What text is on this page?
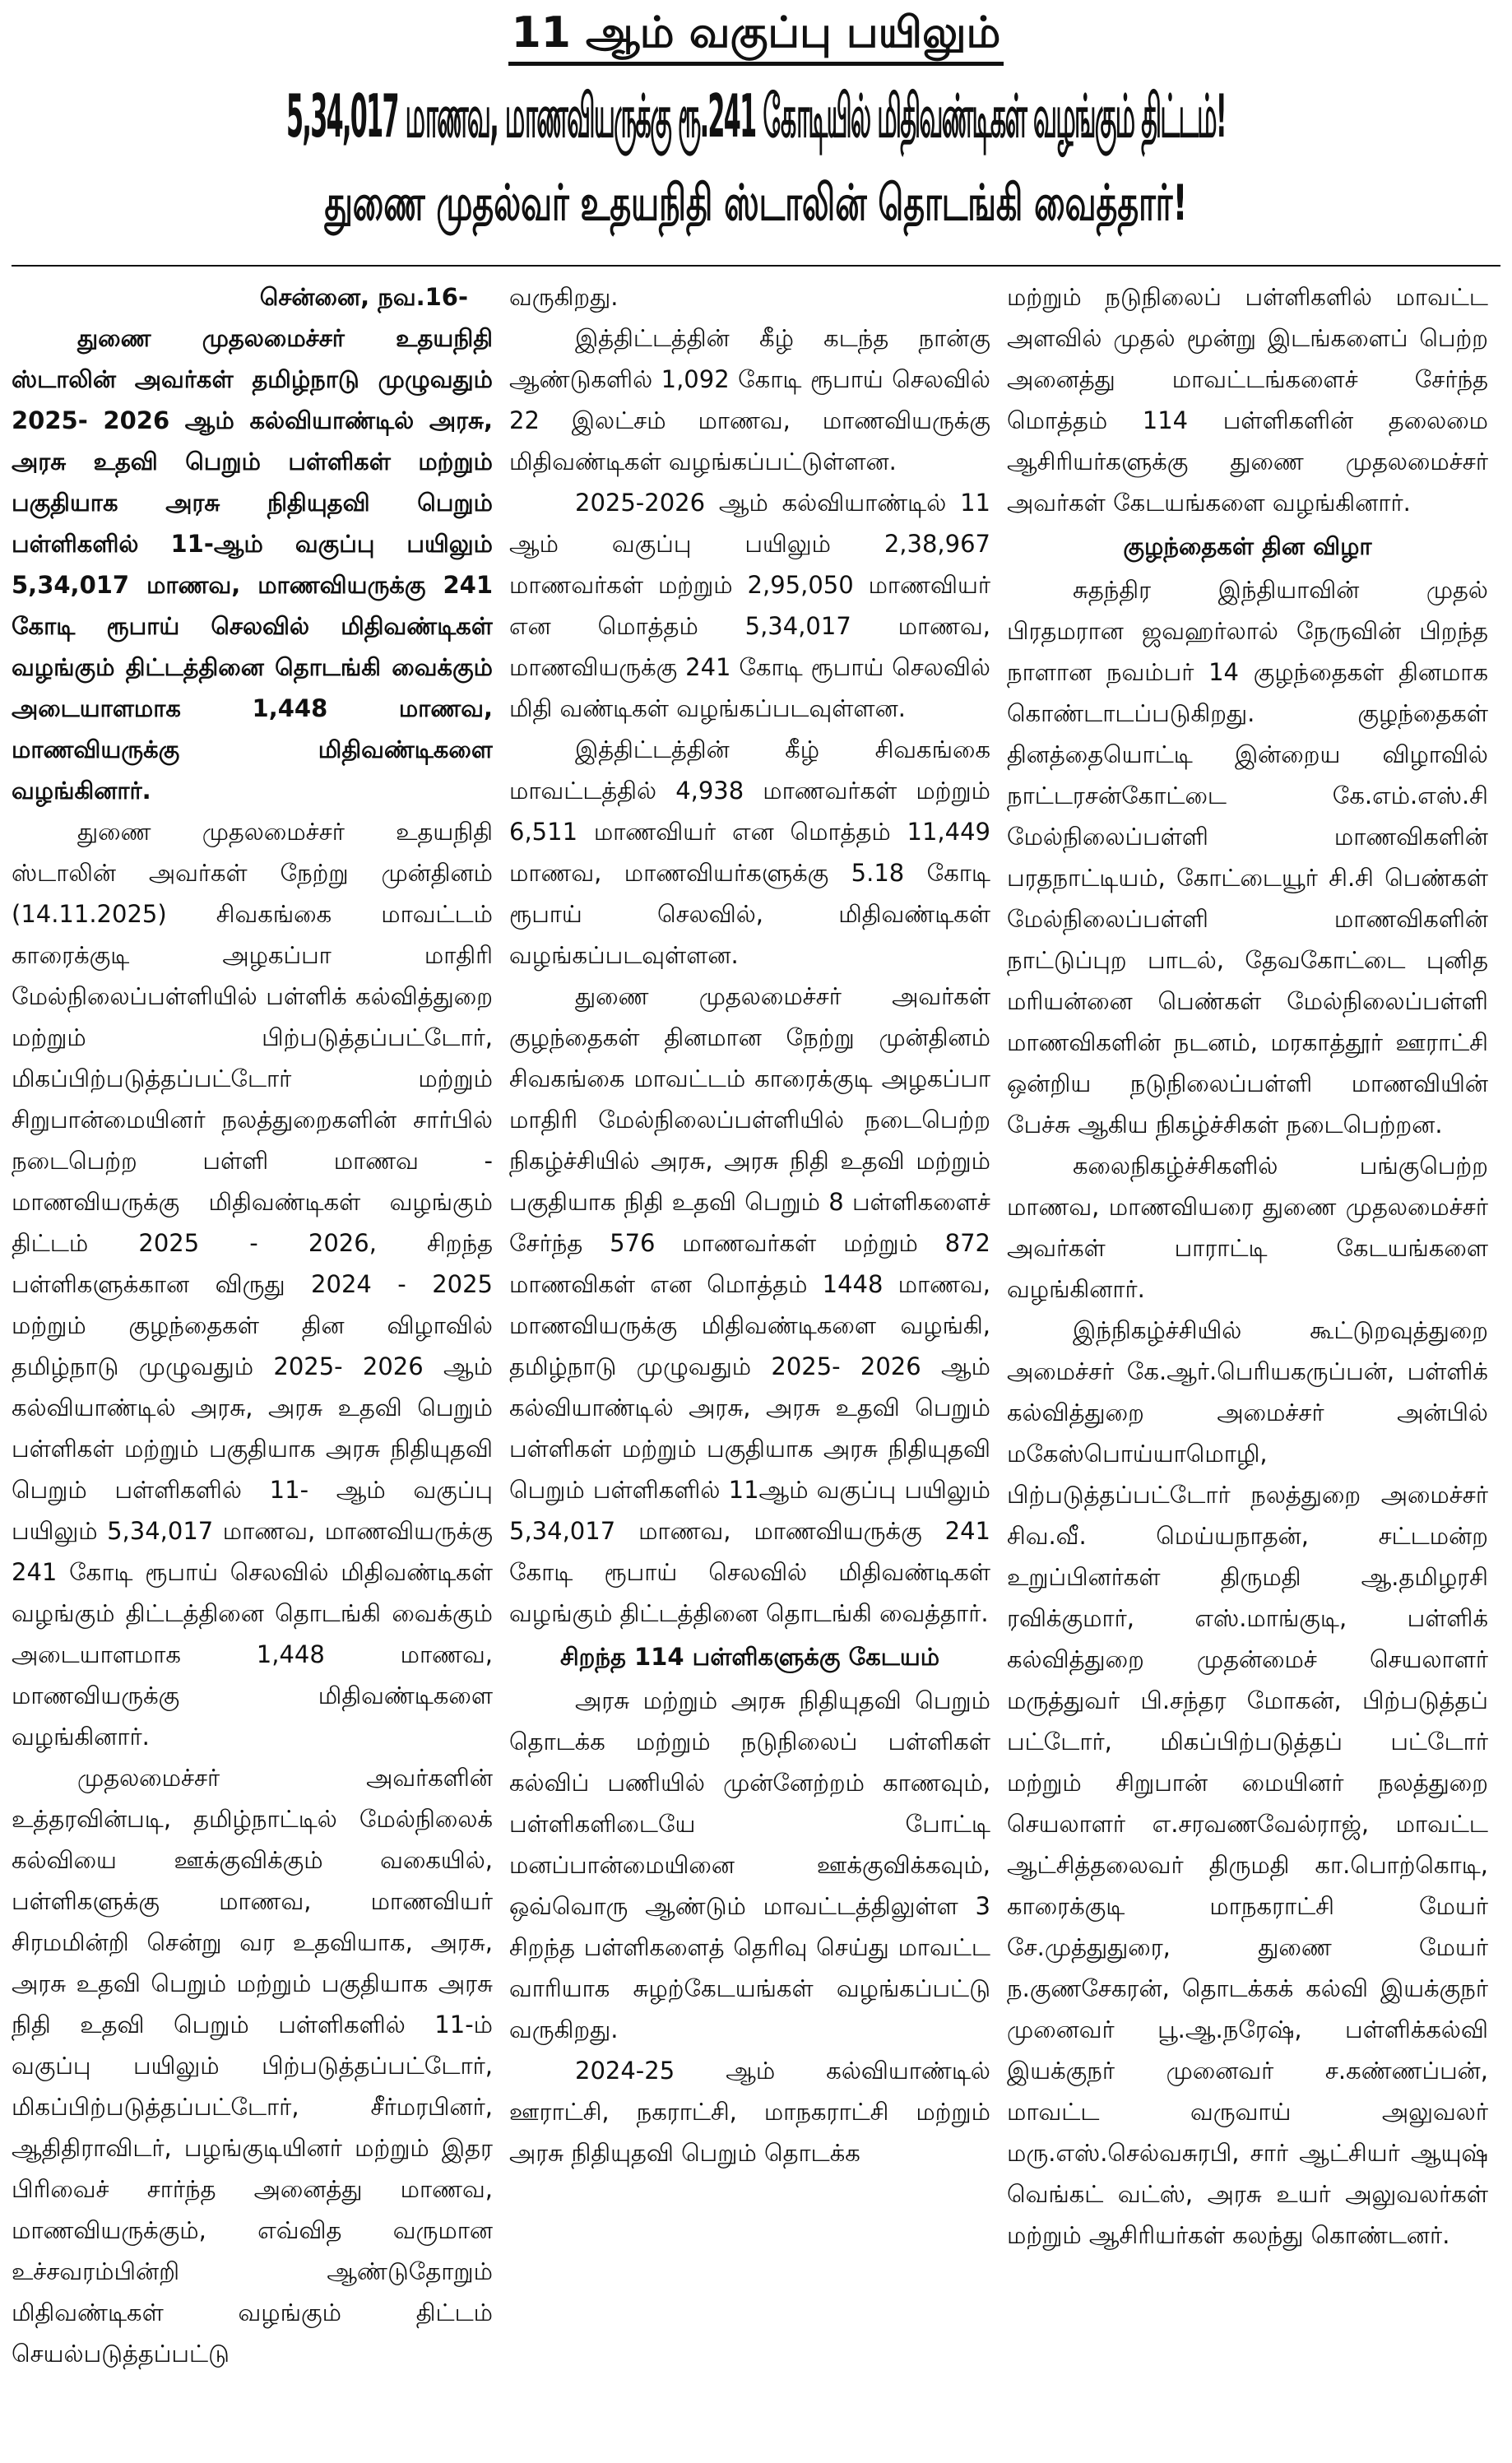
11 ஆம் வகுப்பு பயிலும்
5,34,017 மாணவ, மாணவியருக்கு ரூ.241 கோடியில் மிதிவண்டிகள் வழங்கும் திட்டம்!
துணை முதல்வர் உதயநிதி ஸ்டாலின் தொடங்கி வைத்தார்!
சென்னை, நவ.16-

துணை முதலமைச்சர் உதயநிதி ஸ்டாலின் அவர்கள் தமிழ்நாடு முழுவதும் 2025- 2026 ஆம் கல்வியாண்டில் அரசு, அரசு உதவி பெறும் பள்ளிகள் மற்றும் பகுதியாக அரசு நிதியுதவி பெறும் பள்ளிகளில் 11-ஆம் வகுப்பு பயிலும் 5,34,017 மாணவ, மாணவியருக்கு 241 கோடி ரூபாய் செலவில் மிதிவண்டிகள் வழங்கும் திட்டத்தினை தொடங்கி வைக்கும் அடையாளமாக 1,448 மாணவ, மாணவியருக்கு மிதிவண்டிகளை வழங்கினார்.

துணை முதலமைச்சர் உதயநிதி ஸ்டாலின் அவர்கள் நேற்று முன்தினம் (14.11.2025) சிவகங்கை மாவட்டம் காரைக்குடி அழகப்பா மாதிரி மேல்நிலைப்பள்ளியில் பள்ளிக் கல்வித்துறை மற்றும் பிற்படுத்தப்பட்டோர், மிகப்பிற்படுத்தப்பட்டோர் மற்றும் சிறுபான்மையினர் நலத்துறைகளின் சார்பில் நடைபெற்ற பள்ளி மாணவ - மாணவியருக்கு மிதிவண்டிகள் வழங்கும் திட்டம் 2025 - 2026, சிறந்த பள்ளிகளுக்கான விருது 2024 - 2025 மற்றும் குழந்தைகள் தின விழாவில் தமிழ்நாடு முழுவதும் 2025- 2026 ஆம் கல்வியாண்டில் அரசு, அரசு உதவி பெறும் பள்ளிகள் மற்றும் பகுதியாக அரசு நிதியுதவி பெறும் பள்ளிகளில் 11- ஆம் வகுப்பு பயிலும் 5,34,017 மாணவ, மாணவியருக்கு 241 கோடி ரூபாய் செலவில் மிதிவண்டிகள் வழங்கும் திட்டத்தினை தொடங்கி வைக்கும் அடையாளமாக 1,448 மாணவ, மாணவியருக்கு மிதிவண்டிகளை வழங்கினார்.

முதலமைச்சர் அவர்களின் உத்தரவின்படி, தமிழ்நாட்டில் மேல்நிலைக் கல்வியை ஊக்குவிக்கும் வகையில், பள்ளிகளுக்கு மாணவ, மாணவியர் சிரமமின்றி சென்று வர உதவியாக, அரசு, அரசு உதவி பெறும் மற்றும் பகுதியாக அரசு நிதி உதவி பெறும் பள்ளிகளில் 11-ம் வகுப்பு பயிலும் பிற்படுத்தப்பட்டோர், மிகப்பிற்படுத்தப்பட்டோர், சீர்மரபினர், ஆதிதிராவிடர், பழங்குடியினர் மற்றும் இதர பிரிவைச் சார்ந்த அனைத்து மாணவ, மாணவியருக்கும், எவ்வித வருமான உச்சவரம்பின்றி ஆண்டுதோறும் மிதிவண்டிகள் வழங்கும் திட்டம் செயல்படுத்தப்பட்டு

வருகிறது.

இத்திட்டத்தின் கீழ் கடந்த நான்கு ஆண்டுகளில் 1,092 கோடி ரூபாய் செலவில் 22 இலட்சம் மாணவ, மாணவியருக்கு மிதிவண்டிகள் வழங்கப்பட்டுள்ளன.

2025-2026 ஆம் கல்வியாண்டில் 11 ஆம் வகுப்பு பயிலும் 2,38,967 மாணவர்கள் மற்றும் 2,95,050 மாணவியர் என மொத்தம் 5,34,017 மாணவ, மாணவியருக்கு 241 கோடி ரூபாய் செலவில் மிதி வண்டிகள் வழங்கப்படவுள்ளன.

இத்திட்டத்தின் கீழ் சிவகங்கை மாவட்டத்தில் 4,938 மாணவர்கள் மற்றும் 6,511 மாணவியர் என மொத்தம் 11,449 மாணவ, மாணவியர்களுக்கு 5.18 கோடி ரூபாய் செலவில், மிதிவண்டிகள் வழங்கப்படவுள்ளன.

துணை முதலமைச்சர் அவர்கள் குழந்தைகள் தினமான நேற்று முன்தினம் சிவகங்கை மாவட்டம் காரைக்குடி அழகப்பா மாதிரி மேல்நிலைப்பள்ளியில் நடைபெற்ற நிகழ்ச்சியில் அரசு, அரசு நிதி உதவி மற்றும் பகுதியாக நிதி உதவி பெறும் 8 பள்ளிகளைச் சேர்ந்த 576 மாணவர்கள் மற்றும் 872 மாணவிகள் என மொத்தம் 1448 மாணவ, மாணவியருக்கு மிதிவண்டிகளை வழங்கி, தமிழ்நாடு முழுவதும் 2025- 2026 ஆம் கல்வியாண்டில் அரசு, அரசு உதவி பெறும் பள்ளிகள் மற்றும் பகுதியாக அரசு நிதியுதவி பெறும் பள்ளிகளில் 11ஆம் வகுப்பு பயிலும் 5,34,017 மாணவ, மாணவியருக்கு 241 கோடி ரூபாய் செலவில் மிதிவண்டிகள் வழங்கும் திட்டத்தினை தொடங்கி வைத்தார்.

சிறந்த 114 பள்ளிகளுக்கு கேடயம்

அரசு மற்றும் அரசு நிதியுதவி பெறும் தொடக்க மற்றும் நடுநிலைப் பள்ளிகள் கல்விப் பணியில் முன்னேற்றம் காணவும், பள்ளிகளிடையே போட்டி மனப்பான்மையினை ஊக்குவிக்கவும், ஒவ்வொரு ஆண்டும் மாவட்டத்திலுள்ள 3 சிறந்த பள்ளிகளைத் தெரிவு செய்து மாவட்ட வாரியாக சுழற்கேடயங்கள் வழங்கப்பட்டு வருகிறது.

2024-25 ஆம் கல்வியாண்டில் ஊராட்சி, நகராட்சி, மாநகராட்சி மற்றும் அரசு நிதியுதவி பெறும் தொடக்க

மற்றும் நடுநிலைப் பள்ளிகளில் மாவட்ட அளவில் முதல் மூன்று இடங்களைப் பெற்ற அனைத்து மாவட்டங்களைச் சேர்ந்த மொத்தம் 114 பள்ளிகளின் தலைமை ஆசிரியர்களுக்கு துணை முதலமைச்சர் அவர்கள் கேடயங்களை வழங்கினார்.

குழந்தைகள் தின விழா

சுதந்திர இந்தியாவின் முதல் பிரதமரான ஜவஹர்லால் நேருவின் பிறந்த நாளான நவம்பர் 14 குழந்தைகள் தினமாக கொண்டாடப்படுகிறது. குழந்தைகள் தினத்தையொட்டி இன்றைய விழாவில் நாட்டரசன்கோட்டை கே.எம்.எஸ்.சி மேல்நிலைப்பள்ளி மாணவிகளின் பரதநாட்டியம், கோட்டையூர் சி.சி பெண்கள் மேல்நிலைப்பள்ளி மாணவிகளின் நாட்டுப்புற பாடல், தேவகோட்டை புனித மரியன்னை பெண்கள் மேல்நிலைப்பள்ளி மாணவிகளின் நடனம், மரகாத்தூர் ஊராட்சி ஒன்றிய நடுநிலைப்பள்ளி மாணவியின் பேச்சு ஆகிய நிகழ்ச்சிகள் நடைபெற்றன.

கலைநிகழ்ச்சிகளில் பங்குபெற்ற மாணவ, மாணவியரை துணை முதலமைச்சர் அவர்கள் பாராட்டி கேடயங்களை வழங்கினார்.

இந்நிகழ்ச்சியில் கூட்டுறவுத்துறை அமைச்சர் கே.ஆர்.பெரியகருப்பன், பள்ளிக் கல்வித்துறை அமைச்சர் அன்பில் மகேஸ்பொய்யாமொழி, பிற்படுத்தப்பட்டோர் நலத்துறை அமைச்சர் சிவ.வீ. மெய்யநாதன், சட்டமன்ற உறுப்பினர்கள் திருமதி ஆ.தமிழரசி ரவிக்குமார், எஸ்.மாங்குடி, பள்ளிக் கல்வித்துறை முதன்மைச் செயலாளர் மருத்துவர் பி.சந்தர மோகன், பிற்படுத்தப் பட்டோர், மிகப்பிற்படுத்தப் பட்டோர் மற்றும் சிறுபான் மையினர் நலத்துறை செயலாளர் எ.சரவணவேல்ராஜ், மாவட்ட ஆட்சித்தலைவர் திருமதி கா.பொற்கொடி, காரைக்குடி மாநகராட்சி மேயர் சே.முத்துதுரை, துணை மேயர் ந.குணசேகரன், தொடக்கக் கல்வி இயக்குநர் முனைவர் பூ.ஆ.நரேஷ், பள்ளிக்கல்வி இயக்குநர் முனைவர் ச.கண்ணப்பன், மாவட்ட வருவாய் அலுவலர் மரு.எஸ்.செல்வசுரபி, சார் ஆட்சியர் ஆயுஷ் வெங்கட் வட்ஸ், அரசு உயர் அலுவலர்கள் மற்றும் ஆசிரியர்கள் கலந்து கொண்டனர்.
